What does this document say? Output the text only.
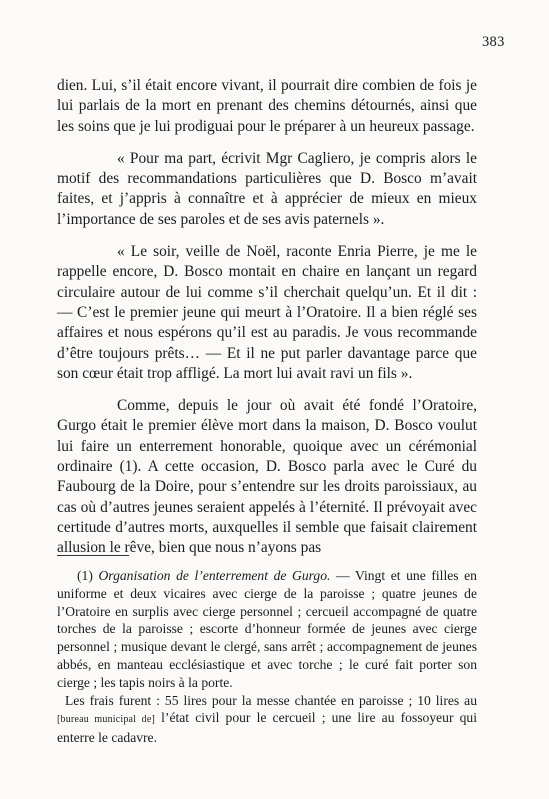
383

dien. Lui, s’il était encore vivant, il pourrait dire combien de fois je lui parlais de la mort en prenant des chemins détournés, ainsi que les soins que je lui prodiguai pour le préparer à un heureux passage.

« Pour ma part, écrivit Mgr Cagliero, je compris alors le motif des recommandations particulières que D. Bosco m’avait faites, et j’appris à connaître et à apprécier de mieux en mieux l’importance de ses paroles et de ses avis paternels ».

« Le soir, veille de Noël, raconte Enria Pierre, je me le rappelle encore, D. Bosco montait en chaire en lançant un regard circulaire autour de lui comme s’il cherchait quelqu’un. Et il dit : — C’est le premier jeune qui meurt à l’Oratoire. Il a bien réglé ses affaires et nous espérons qu’il est au paradis. Je vous recommande d’être toujours prêts… — Et il ne put parler davantage parce que son cœur était trop affligé. La mort lui avait ravi un fils ».

Comme, depuis le jour où avait été fondé l’Oratoire, Gurgo était le premier élève mort dans la maison, D. Bosco voulut lui faire un enterrement honorable, quoique avec un cérémonial ordinaire (1). A cette occasion, D. Bosco parla avec le Curé du Faubourg de la Doire, pour s’entendre sur les droits paroissiaux, au cas où d’autres jeunes seraient appelés à l’éternité. Il prévoyait avec certitude d’autres morts, auxquelles il semble que faisait clairement allusion le rêve, bien que nous n’ayons pas

(1) Organisation de l’enterrement de Gurgo. — Vingt et une filles en uniforme et deux vicaires avec cierge de la paroisse ; quatre jeunes de l’Oratoire en surplis avec cierge personnel ; cercueil accompagné de quatre torches de la paroisse ; escorte d’honneur formée de jeunes avec cierge personnel ; musique devant le clergé, sans arrêt ; accompagnement de jeunes abbés, en manteau ecclésiastique et avec torche ; le curé fait porter son cierge ; les tapis noirs à la porte.

Les frais furent : 55 lires pour la messe chantée en paroisse ; 10 lires au [bureau municipal de] l’état civil pour le cercueil ; une lire au fossoyeur qui enterre le cadavre.
